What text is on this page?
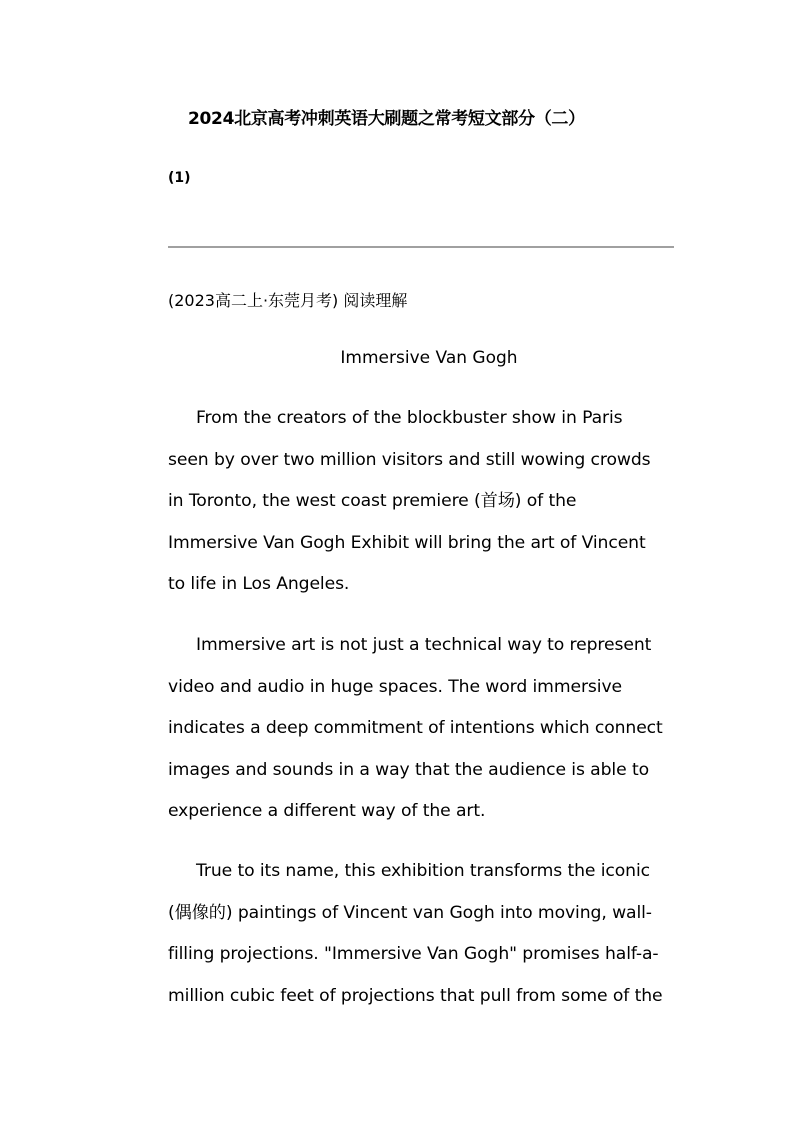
2024北京高考冲刺英语大刷题之常考短文部分（二）
(1)
(2023高二上·东莞月考) 阅读理解
Immersive Van Gogh
From the creators of the blockbuster show in Paris
seen by over two million visitors and still wowing crowds
in Toronto, the west coast premiere (首场) of the
Immersive Van Gogh Exhibit will bring the art of Vincent
to life in Los Angeles.
Immersive art is not just a technical way to represent
video and audio in huge spaces. The word immersive
indicates a deep commitment of intentions which connect
images and sounds in a way that the audience is able to
experience a different way of the art.
True to its name, this exhibition transforms the iconic
(偶像的) paintings of Vincent van Gogh into moving, wall-
filling projections. "Immersive Van Gogh" promises half-a-
million cubic feet of projections that pull from some of the
